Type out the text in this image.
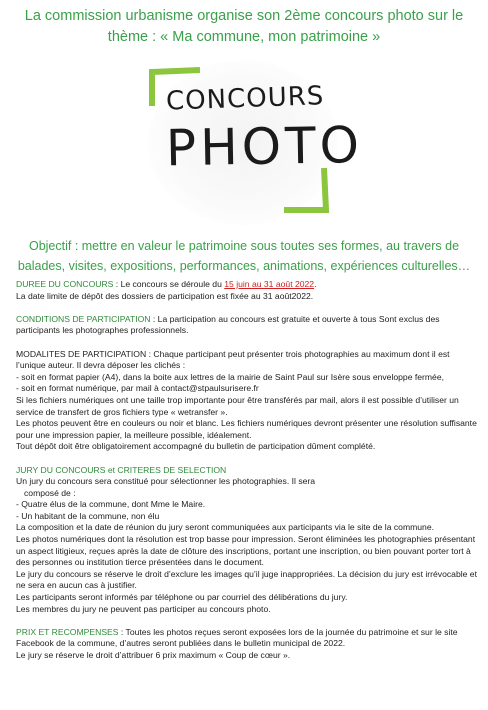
La commission urbanisme organise son 2ème concours photo sur le
thème : « Ma commune, mon patrimoine »
CONCOURS
PHOTO
Objectif : mettre en valeur le patrimoine sous toutes ses formes, au travers de
balades, visites, expositions, performances, animations, expériences culturelles…

DUREE DU CONCOURS : Le concours se déroule du 15 juin au 31 août 2022.

La date limite de dépôt des dossiers de participation est fixée au 31 août2022.

CONDITIONS DE PARTICIPATION : La participation au concours est gratuite et ouverte à tous Sont exclus des participants les photographes professionnels.

MODALITES DE PARTICIPATION : Chaque participant peut présenter trois photographies au maximum dont il est l’unique auteur. Il devra déposer les clichés :

- soit en format papier (A4), dans la boite aux lettres de la mairie de Saint Paul sur Isère sous enveloppe fermée,

- soit en format numérique, par mail à contact@stpaulsurisere.fr

Si les fichiers numériques ont une taille trop importante pour être transférés par mail, alors il est possible d’utiliser un service de transfert de gros fichiers type « wetransfer ».

Les photos peuvent être en couleurs ou noir et blanc. Les fichiers numériques devront présenter une résolution suffisante pour une impression papier, la meilleure possible, idéalement.

Tout dépôt doit être obligatoirement accompagné du bulletin de participation dûment complété.

JURY DU CONCOURS et CRITERES DE SELECTION

Un jury du concours sera constitué pour sélectionner les photographies. Il sera

composé de :

- Quatre élus de la commune, dont Mme le Maire.

- Un habitant de la commune, non élu

La composition et la date de réunion du jury seront communiquées aux participants via le site de la commune.

Les photos numériques dont la résolution est trop basse pour impression. Seront éliminées les photographies présentant un aspect litigieux, reçues après la date de clôture des inscriptions, portant une inscription, ou bien pouvant porter tort à des personnes ou institution tierce présentées dans le document.

Le jury du concours se réserve le droit d’exclure les images qu’il juge inappropriées. La décision du jury est irrévocable et ne sera en aucun cas à justifier.

Les participants seront informés par téléphone ou par courriel des délibérations du jury.

Les membres du jury ne peuvent pas participer au concours photo.

PRIX ET RECOMPENSES : Toutes les photos reçues seront exposées lors de la journée du patrimoine et sur le site Facebook de la commune, d’autres seront publiées dans le bulletin municipal de 2022.

Le jury se réserve le droit d’attribuer 6 prix maximum « Coup de cœur ».
